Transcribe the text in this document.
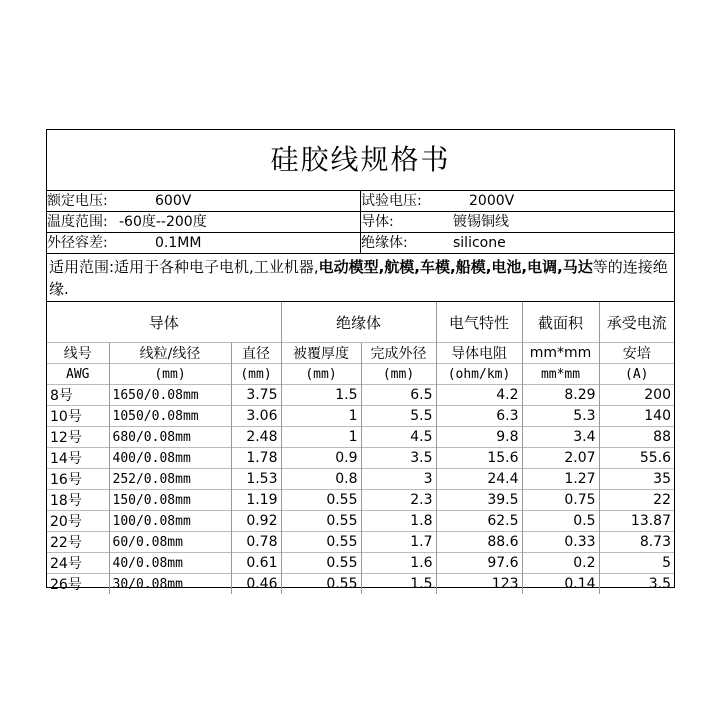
硅胶线规格书
额定电压:	600V	试验电压:	2000V
温度范围: -60度--200度	导体:	镀锡铜线
外径容差:	0.1MM	绝缘体:	silicone
适用范围:适用于各种电子电机,工业机器,电动模型,航模,车模,船模,电池,电调,马达等的连接绝缘.
导体			绝缘体		电气特性	截面积	承受电流
线号	线粒/线径	直径	被覆厚度	完成外径	导体电阻	mm*mm	安培
AWG	(mm)	(mm)	(mm)	(mm)	(ohm/km)	mm*mm	(A)
8号	1650/0.08mm	3.75	1.5	6.5	4.2	8.29	200
10号	1050/0.08mm	3.06	1	5.5	6.3	5.3	140
12号	680/0.08mm	2.48	1	4.5	9.8	3.4	88
14号	400/0.08mm	1.78	0.9	3.5	15.6	2.07	55.6
16号	252/0.08mm	1.53	0.8	3	24.4	1.27	35
18号	150/0.08mm	1.19	0.55	2.3	39.5	0.75	22
20号	100/0.08mm	0.92	0.55	1.8	62.5	0.5	13.87
22号	60/0.08mm	0.78	0.55	1.7	88.6	0.33	8.73
24号	40/0.08mm	0.61	0.55	1.6	97.6	0.2	5
26号	30/0.08mm	0.46	0.55	1.5	123	0.14	3.5
